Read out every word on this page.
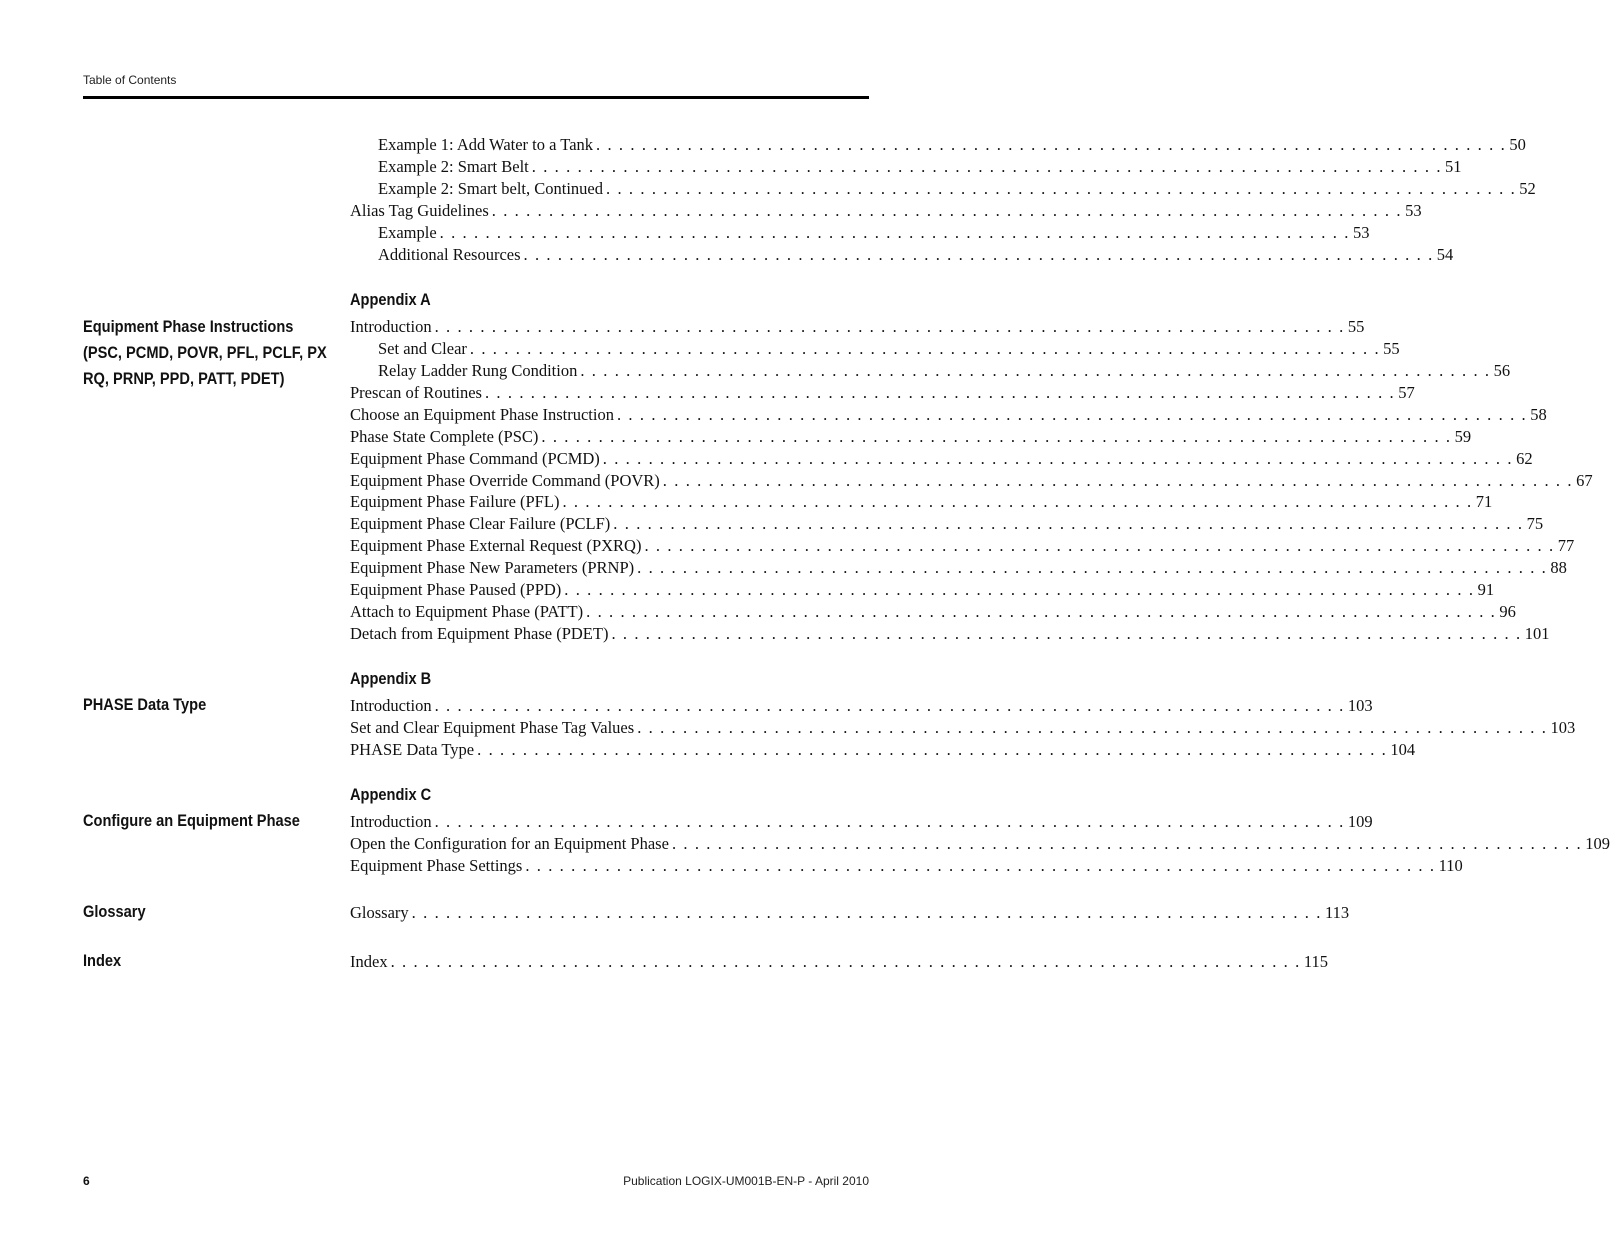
Table of Contents
Appendix A
Equipment Phase Instructions
(PSC, PCMD, POVR, PFL, PCLF, PX
RQ, PRNP, PPD, PATT, PDET)
Appendix B
PHASE Data Type
Appendix C
Configure an Equipment Phase
Glossary
Index
Example 1: Add Water to a Tank . . . . . . . . . . . . . . . . . . . . . . . . . . . . . . . . . . . . . . . . . . . . . . . . . . . . . . . . . . . . . . . . . . . . . . . . . . . . . . . . 50
Example 2: Smart Belt . . . . . . . . . . . . . . . . . . . . . . . . . . . . . . . . . . . . . . . . . . . . . . . . . . . . . . . . . . . . . . . . . . . . . . . . . . . . . . . . 51
Example 2: Smart belt, Continued . . . . . . . . . . . . . . . . . . . . . . . . . . . . . . . . . . . . . . . . . . . . . . . . . . . . . . . . . . . . . . . . . . . . . . . . . . . . . . . . 52
Alias Tag Guidelines . . . . . . . . . . . . . . . . . . . . . . . . . . . . . . . . . . . . . . . . . . . . . . . . . . . . . . . . . . . . . . . . . . . . . . . . . . . . . . . . 53
Example . . . . . . . . . . . . . . . . . . . . . . . . . . . . . . . . . . . . . . . . . . . . . . . . . . . . . . . . . . . . . . . . . . . . . . . . . . . . . . . . 53
Additional Resources . . . . . . . . . . . . . . . . . . . . . . . . . . . . . . . . . . . . . . . . . . . . . . . . . . . . . . . . . . . . . . . . . . . . . . . . . . . . . . . . 54
Introduction . . . . . . . . . . . . . . . . . . . . . . . . . . . . . . . . . . . . . . . . . . . . . . . . . . . . . . . . . . . . . . . . . . . . . . . . . . . . . . . . 55
Set and Clear . . . . . . . . . . . . . . . . . . . . . . . . . . . . . . . . . . . . . . . . . . . . . . . . . . . . . . . . . . . . . . . . . . . . . . . . . . . . . . . . 55
Relay Ladder Rung Condition . . . . . . . . . . . . . . . . . . . . . . . . . . . . . . . . . . . . . . . . . . . . . . . . . . . . . . . . . . . . . . . . . . . . . . . . . . . . . . . . 56
Prescan of Routines . . . . . . . . . . . . . . . . . . . . . . . . . . . . . . . . . . . . . . . . . . . . . . . . . . . . . . . . . . . . . . . . . . . . . . . . . . . . . . . . 57
Choose an Equipment Phase Instruction . . . . . . . . . . . . . . . . . . . . . . . . . . . . . . . . . . . . . . . . . . . . . . . . . . . . . . . . . . . . . . . . . . . . . . . . . . . . . . . . 58
Phase State Complete (PSC) . . . . . . . . . . . . . . . . . . . . . . . . . . . . . . . . . . . . . . . . . . . . . . . . . . . . . . . . . . . . . . . . . . . . . . . . . . . . . . . . 59
Equipment Phase Command (PCMD) . . . . . . . . . . . . . . . . . . . . . . . . . . . . . . . . . . . . . . . . . . . . . . . . . . . . . . . . . . . . . . . . . . . . . . . . . . . . . . . . 62
Equipment Phase Override Command (POVR) . . . . . . . . . . . . . . . . . . . . . . . . . . . . . . . . . . . . . . . . . . . . . . . . . . . . . . . . . . . . . . . . . . . . . . . . . . . . . . . . 67
Equipment Phase Failure (PFL) . . . . . . . . . . . . . . . . . . . . . . . . . . . . . . . . . . . . . . . . . . . . . . . . . . . . . . . . . . . . . . . . . . . . . . . . . . . . . . . . 71
Equipment Phase Clear Failure (PCLF) . . . . . . . . . . . . . . . . . . . . . . . . . . . . . . . . . . . . . . . . . . . . . . . . . . . . . . . . . . . . . . . . . . . . . . . . . . . . . . . . 75
Equipment Phase External Request (PXRQ) . . . . . . . . . . . . . . . . . . . . . . . . . . . . . . . . . . . . . . . . . . . . . . . . . . . . . . . . . . . . . . . . . . . . . . . . . . . . . . . . 77
Equipment Phase New Parameters (PRNP) . . . . . . . . . . . . . . . . . . . . . . . . . . . . . . . . . . . . . . . . . . . . . . . . . . . . . . . . . . . . . . . . . . . . . . . . . . . . . . . . 88
Equipment Phase Paused (PPD) . . . . . . . . . . . . . . . . . . . . . . . . . . . . . . . . . . . . . . . . . . . . . . . . . . . . . . . . . . . . . . . . . . . . . . . . . . . . . . . . 91
Attach to Equipment Phase (PATT) . . . . . . . . . . . . . . . . . . . . . . . . . . . . . . . . . . . . . . . . . . . . . . . . . . . . . . . . . . . . . . . . . . . . . . . . . . . . . . . . 96
Detach from Equipment Phase (PDET) . . . . . . . . . . . . . . . . . . . . . . . . . . . . . . . . . . . . . . . . . . . . . . . . . . . . . . . . . . . . . . . . . . . . . . . . . . . . . . . . 101
Introduction . . . . . . . . . . . . . . . . . . . . . . . . . . . . . . . . . . . . . . . . . . . . . . . . . . . . . . . . . . . . . . . . . . . . . . . . . . . . . . . . 103
Set and Clear Equipment Phase Tag Values . . . . . . . . . . . . . . . . . . . . . . . . . . . . . . . . . . . . . . . . . . . . . . . . . . . . . . . . . . . . . . . . . . . . . . . . . . . . . . . . 103
PHASE Data Type . . . . . . . . . . . . . . . . . . . . . . . . . . . . . . . . . . . . . . . . . . . . . . . . . . . . . . . . . . . . . . . . . . . . . . . . . . . . . . . . 104
Introduction . . . . . . . . . . . . . . . . . . . . . . . . . . . . . . . . . . . . . . . . . . . . . . . . . . . . . . . . . . . . . . . . . . . . . . . . . . . . . . . . 109
Open the Configuration for an Equipment Phase . . . . . . . . . . . . . . . . . . . . . . . . . . . . . . . . . . . . . . . . . . . . . . . . . . . . . . . . . . . . . . . . . . . . . . . . . . . . . . . . 109
Equipment Phase Settings . . . . . . . . . . . . . . . . . . . . . . . . . . . . . . . . . . . . . . . . . . . . . . . . . . . . . . . . . . . . . . . . . . . . . . . . . . . . . . . . 110
Glossary . . . . . . . . . . . . . . . . . . . . . . . . . . . . . . . . . . . . . . . . . . . . . . . . . . . . . . . . . . . . . . . . . . . . . . . . . . . . . . . . 113
Index . . . . . . . . . . . . . . . . . . . . . . . . . . . . . . . . . . . . . . . . . . . . . . . . . . . . . . . . . . . . . . . . . . . . . . . . . . . . . . . . 115
6	Publication LOGIX-UM001B-EN-P - April 2010
